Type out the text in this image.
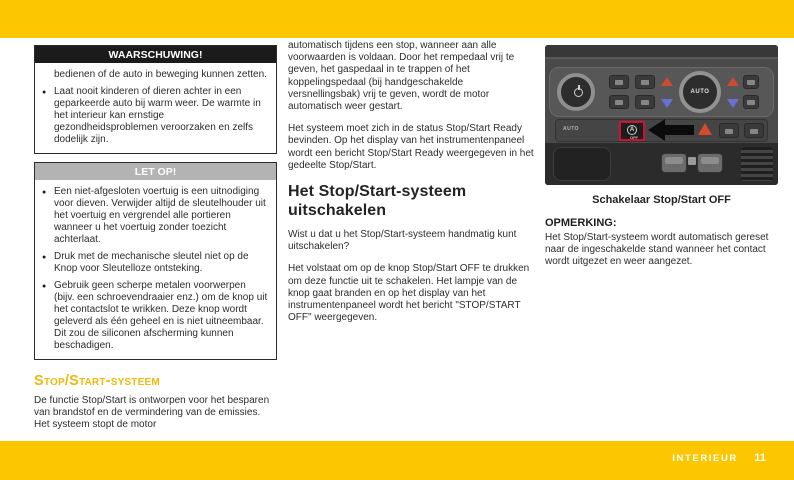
WAARSCHUWING!

bedienen of de auto in beweging kunnen zetten.

● Laat nooit kinderen of dieren achter in een geparkeerde auto bij warm weer. De warmte in het interieur kan ernstige gezondheidsproblemen veroorzaken en zelfs dodelijk zijn.
LET OP!
● Een niet-afgesloten voertuig is een uitnodiging voor dieven. Verwijder altijd de sleutelhouder uit het voertuig en vergrendel alle portieren wanneer u het voertuig zonder toezicht achterlaat.
● Druk met de mechanische sleutel niet op de Knop voor Sleutelloze ontsteking.
● Gebruik geen scherpe metalen voorwerpen (bijv. een schroevendraaier enz.) om de knop uit het contactslot te wrikken. Deze knop wordt geleverd als één geheel en is niet uitneembaar. Dit zou de siliconen afscherming kunnen beschadigen.
Stop/Start-systeem

De functie Stop/Start is ontworpen voor het besparen van brandstof en de vermindering van de emissies. Het systeem stopt de motor

automatisch tijdens een stop, wanneer aan alle voorwaarden is voldaan. Door het rempedaal vrij te geven, het gaspedaal in te trappen of het koppelingspedaal (bij handgeschakelde versnellingsbak) vrij te geven, wordt de motor automatisch weer gestart.

Het systeem moet zich in de status Stop/Start Ready bevinden. Op het display van het instrumentenpaneel wordt een bericht Stop/Start Ready weergegeven in het gedeelte Stop/Start.

Het Stop/Start-systeem uitschakelen

Wist u dat u het Stop/Start-systeem handmatig kunt uitschakelen?

Het volstaat om op de knop Stop/Start OFF te drukken om deze functie uit te schakelen. Het lampje van de knop gaat branden en op het display van het instrumentenpaneel wordt het bericht "STOP/START OFF" weergegeven.

AUTO
AUTO	A
OFF
Schakelaar Stop/Start OFF
OPMERKING:

Het Stop/Start-systeem wordt automatisch gereset naar de ingeschakelde stand wanneer het contact wordt uitgezet en weer aangezet.

INTERIEUR 11
